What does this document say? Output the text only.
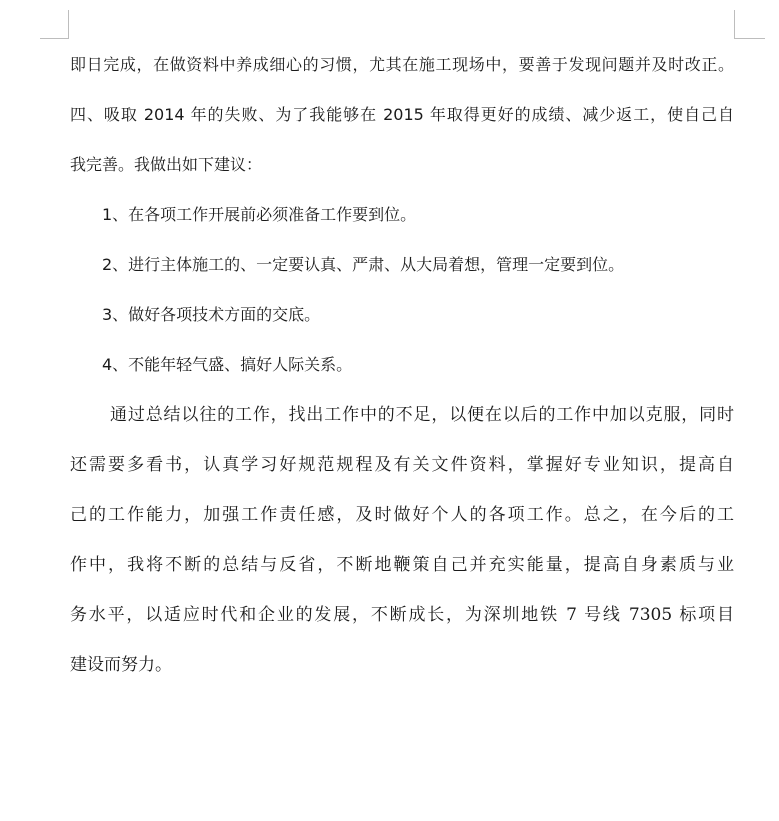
即日完成，在做资料中养成细心的习惯，尤其在施工现场中，要善于发现问题并及时改正。
四、吸取 2014 年的失败、为了我能够在 2015 年取得更好的成绩、减少返工，使自己自
我完善。我做出如下建议：
1、在各项工作开展前必须准备工作要到位。
2、进行主体施工的、一定要认真、严肃、从大局着想，管理一定要到位。
3、做好各项技术方面的交底。
4、不能年轻气盛、搞好人际关系。
通过总结以往的工作，找出工作中的不足，以便在以后的工作中加以克服，同时
还需要多看书，认真学习好规范规程及有关文件资料，掌握好专业知识，提高自
己的工作能力，加强工作责任感，及时做好个人的各项工作。总之，在今后的工
作中，我将不断的总结与反省，不断地鞭策自己并充实能量，提高自身素质与业
务水平，以适应时代和企业的发展，不断成长，为深圳地铁 7 号线 7305 标项目
建设而努力。
